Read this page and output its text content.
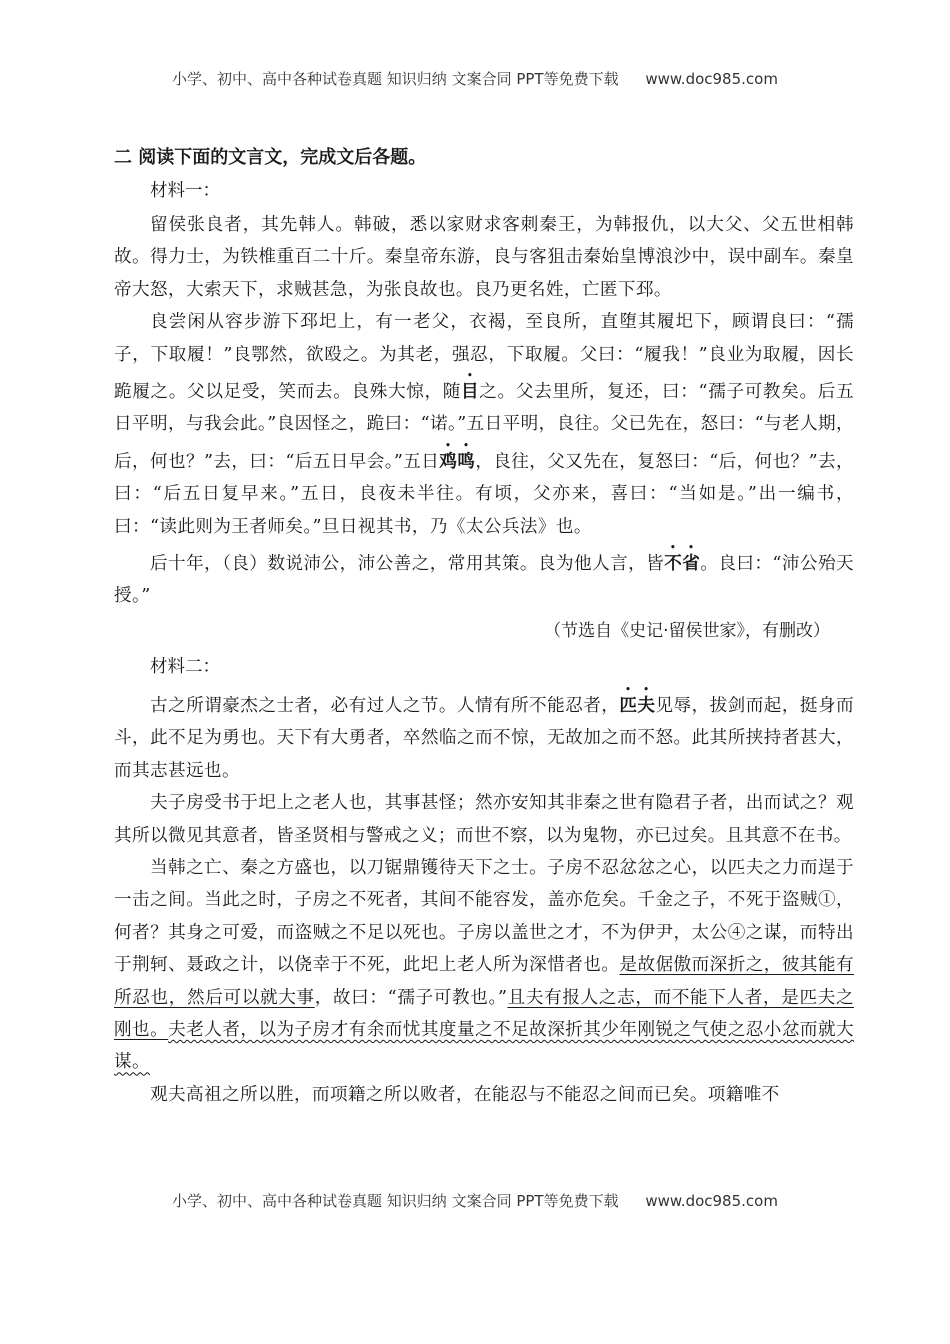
小学、初中、高中各种试卷真题 知识归纳 文案合同 PPT等免费下载 www.doc985.com

二 阅读下面的文言文，完成文后各题。

材料一：

留侯张良者，其先韩人。韩破，悉以家财求客刺秦王，为韩报仇，以大父、父五世相韩故。得力士，为铁椎重百二十斤。秦皇帝东游，良与客狙击秦始皇博浪沙中，误中副车。秦皇帝大怒，大索天下，求贼甚急，为张良故也。良乃更名姓，亡匿下邳。

良尝闲从容步游下邳圯上，有一老父，衣褐，至良所，直堕其履圯下，顾谓良曰：“孺子，下取履！”良鄂然，欲殴之。为其老，强忍，下取履。父曰：“履我！”良业为取履，因长跪履之。父以足受，笑而去。良殊大惊，随目之。父去里所，复还，曰：“孺子可教矣。后五日平明，与我会此。”良因怪之，跪曰：“诺。”五日平明，良往。父已先在，怒曰：“与老人期，后，何也？”去，曰：“后五日早会。”五日鸡鸣，良往，父又先在，复怒曰：“后，何也？”去，曰：“后五日复早来。”五日，良夜未半往。有顷，父亦来，喜曰：“当如是。”出一编书，曰：“读此则为王者师矣。”旦日视其书，乃《太公兵法》也。

后十年，（良）数说沛公，沛公善之，常用其策。良为他人言，皆不省。良曰：“沛公殆天授。”

（节选自《史记·留侯世家》，有删改）

材料二：

古之所谓豪杰之士者，必有过人之节。人情有所不能忍者，匹夫见辱，拔剑而起，挺身而斗，此不足为勇也。天下有大勇者，卒然临之而不惊，无故加之而不怒。此其所挟持者甚大，而其志甚远也。

夫子房受书于圯上之老人也，其事甚怪；然亦安知其非秦之世有隐君子者，出而试之？观其所以微见其意者，皆圣贤相与警戒之义；而世不察，以为鬼物，亦已过矣。且其意不在书。

当韩之亡、秦之方盛也，以刀锯鼎镬待天下之士。子房不忍忿忿之心，以匹夫之力而逞于一击之间。当此之时，子房之不死者，其间不能容发，盖亦危矣。千金之子，不死于盗贼①，何者？其身之可爱，而盗贼之不足以死也。子房以盖世之才，不为伊尹，太公④之谋，而特出于荆轲、聂政之计，以侥幸于不死，此圯上老人所为深惜者也。是故倨傲而深折之，彼其能有所忍也，然后可以就大事，故曰：“孺子可教也。”且夫有报人之志，而不能下人者，是匹夫之刚也。夫老人者，以为子房才有余而忧其度量之不足故深折其少年刚锐之气使之忍小忿而就大谋。

观夫高祖之所以胜，而项籍之所以败者，在能忍与不能忍之间而已矣。项籍唯不

小学、初中、高中各种试卷真题 知识归纳 文案合同 PPT等免费下载 www.doc985.com
